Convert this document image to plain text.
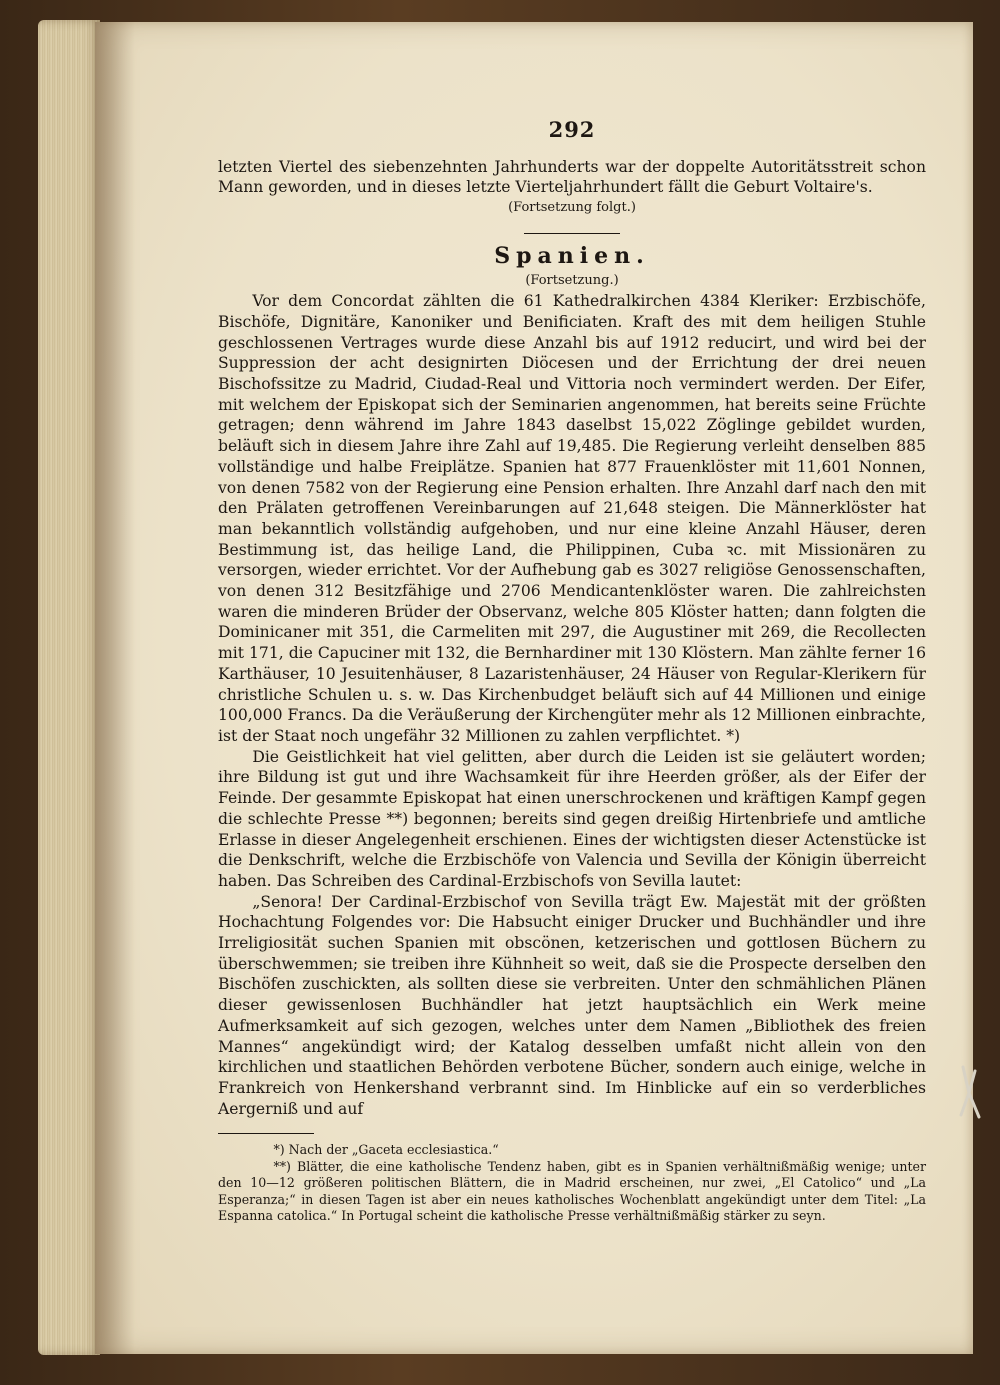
292

letzten Viertel des siebenzehnten Jahrhunderts war der doppelte Autoritätsstreit schon Mann geworden, und in dieses letzte Vierteljahrhundert fällt die Geburt Voltaire's.

(Fortsetzung folgt.)

Spanien.

(Fortsetzung.)

Vor dem Concordat zählten die 61 Kathedralkirchen 4384 Kleriker: Erzbischöfe, Bischöfe, Dignitäre, Kanoniker und Benificiaten. Kraft des mit dem heiligen Stuhle geschlossenen Vertrages wurde diese Anzahl bis auf 1912 reducirt, und wird bei der Suppression der acht designirten Diöcesen und der Errichtung der drei neuen Bischofssitze zu Madrid, Ciudad-Real und Vittoria noch vermindert werden. Der Eifer, mit welchem der Episkopat sich der Seminarien angenommen, hat bereits seine Früchte getragen; denn während im Jahre 1843 daselbst 15,022 Zöglinge gebildet wurden, beläuft sich in diesem Jahre ihre Zahl auf 19,485. Die Regierung verleiht denselben 885 vollständige und halbe Freiplätze. Spanien hat 877 Frauenklöster mit 11,601 Nonnen, von denen 7582 von der Regierung eine Pension erhalten. Ihre Anzahl darf nach den mit den Prälaten getroffenen Vereinbarungen auf 21,648 steigen. Die Männerklöster hat man bekanntlich vollständig aufgehoben, und nur eine kleine Anzahl Häuser, deren Bestimmung ist, das heilige Land, die Philippinen, Cuba ꝛc. mit Missionären zu versorgen, wieder errichtet. Vor der Aufhebung gab es 3027 religiöse Genossenschaften, von denen 312 Besitzfähige und 2706 Mendicantenklöster waren. Die zahlreichsten waren die minderen Brüder der Observanz, welche 805 Klöster hatten; dann folgten die Dominicaner mit 351, die Carmeliten mit 297, die Augustiner mit 269, die Recollecten mit 171, die Capuciner mit 132, die Bernhardiner mit 130 Klöstern. Man zählte ferner 16 Karthäuser, 10 Jesuitenhäuser, 8 Lazaristenhäuser, 24 Häuser von Regular-Klerikern für christliche Schulen u. s. w. Das Kirchenbudget beläuft sich auf 44 Millionen und einige 100,000 Francs. Da die Veräußerung der Kirchengüter mehr als 12 Millionen einbrachte, ist der Staat noch ungefähr 32 Millionen zu zahlen verpflichtet. *)

Die Geistlichkeit hat viel gelitten, aber durch die Leiden ist sie geläutert worden; ihre Bildung ist gut und ihre Wachsamkeit für ihre Heerden größer, als der Eifer der Feinde. Der gesammte Episkopat hat einen unerschrockenen und kräftigen Kampf gegen die schlechte Presse **) begonnen; bereits sind gegen dreißig Hirtenbriefe und amtliche Erlasse in dieser Angelegenheit erschienen. Eines der wichtigsten dieser Actenstücke ist die Denkschrift, welche die Erzbischöfe von Valencia und Sevilla der Königin überreicht haben. Das Schreiben des Cardinal-Erzbischofs von Sevilla lautet:

„Senora! Der Cardinal-Erzbischof von Sevilla trägt Ew. Majestät mit der größten Hochachtung Folgendes vor: Die Habsucht einiger Drucker und Buchhändler und ihre Irreligiosität suchen Spanien mit obscönen, ketzerischen und gottlosen Büchern zu überschwemmen; sie treiben ihre Kühnheit so weit, daß sie die Prospecte derselben den Bischöfen zuschickten, als sollten diese sie verbreiten. Unter den schmählichen Plänen dieser gewissenlosen Buchhändler hat jetzt hauptsächlich ein Werk meine Aufmerksamkeit auf sich gezogen, welches unter dem Namen „Bibliothek des freien Mannes“ angekündigt wird; der Katalog desselben umfaßt nicht allein von den kirchlichen und staatlichen Behörden verbotene Bücher, sondern auch einige, welche in Frankreich von Henkershand verbrannt sind. Im Hinblicke auf ein so verderbliches Aergerniß und auf

*) Nach der „Gaceta ecclesiastica.“

**) Blätter, die eine katholische Tendenz haben, gibt es in Spanien verhältnißmäßig wenige; unter den 10—12 größeren politischen Blättern, die in Madrid erscheinen, nur zwei, „El Catolico“ und „La Esperanza;“ in diesen Tagen ist aber ein neues katholisches Wochenblatt angekündigt unter dem Titel: „La Espanna catolica.“ In Portugal scheint die katholische Presse verhältnißmäßig stärker zu seyn.
